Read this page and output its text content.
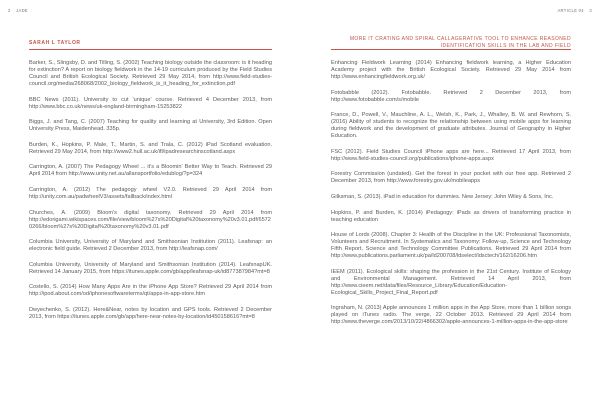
2 JADE	ARTICLE 04 3
SARAH L TAYLOR
MORE IT CRATING AND SPIRAL CALLAGERATIVE TOOL TO ENHANCE REASONED IDENTIFICATION SKILLS IN THE LAB AND FIELD

Barker, S., Slingsby, D. and Tilling, S. (2002) Teaching biology outside the classroom: is it heading for extinction? A report on biology fieldwork in the 14-19 curriculum produced by the Field Studies Council and British Ecological Society. Retrieved 29 May 2014, from http://www.field-studies-council.org/media/268068/2002_biology_fieldwork_is_it_heading_for_extinction.pdf

BBC News (2011). University to cut 'unique' course. Retrieved 4 December 2013, from http://www.bbc.co.uk/news/uk-england-birmingham-15253822

Biggs, J. and Tang, C. (2007) Teaching for quality and learning at University, 3rd Edition. Open University Press, Maidenhead. 335p.

Burden, K., Hopkins, P. Male, T., Martin, S. and Trala, C. (2012) iPad Scotland evaluation. Retrieved 29 May 2014, from http://www2.hull.ac.uk/ifl/ipadresearchinscotland.aspx

Carrington, A. (2007) The Pedagogy Wheel ... it's a Bloomin' Better Way to Teach. Retrieved 29 April 2014 from http://www.unity.net.au/allansportfolio/edublog/?p=324

Carrington, A. (2012) The pedagogy wheel V2.0. Retrieved 29 April 2014 from http://unity.com.au/padwheelV3/assets/fallback/index.html

Churches, A. (2009) Bloom's digital taxonomy. Retrieved 29 April 2014 from http://edorigami.wikispaces.com/file/view/bloom%27s%20Digital%20taxonomy%20v3.01.pdf/65720266/bloom%27s%20Digital%20taxonomy%20v3.01.pdf

Columbia University, University of Maryland and Smithsonian Institution (2011). Leafsnap: an electronic field guide. Retrieved 2 December 2013, from http://leafsnap.com/

Columbia University, University of Maryland and Smithsonian Institution (2014). LeafsnapUK. Retrieved 14 January 2015, from https://itunes.apple.com/gb/app/leafsnap-uk/id877387984?mt=8

Costello, S. (2014) How Many Apps Are in the iPhone App Store? Retrieved 29 April 2014 from http://ipod.about.com/od/iphonesoftwareterms/qt/apps-in-app-store.htm

Dwyechenko, S. (2012). Here&Near, notes by location and GPS tools. Retrieved 2 December 2013, from https://itunes.apple.com/gb/app/here-near-notes-by-location/id450158616?mt=8

Enhancing Fieldwork Learning (2014) Enhancing fieldwork learning, a Higher Education Academy project with the British Ecological Society. Retrieved 29 May 2014 from http://www.enhancingfieldwork.org.uk/

Fotobabble (2012). Fotobabble. Retrieved 2 December 2013, from http://www.fotobabble.com/s/mobile

France, D., Powell, V., Mauchline, A. L., Welsh, K., Park, J., Whalley, B. W. and Rewhorn, S. (2016) Ability of students to recognize the relationship between using mobile apps for learning during fieldwork and the development of graduate attributes. Journal of Geography in Higher Education.

FSC (2012). Field Studies Council iPhone apps are here... Retrieved 17 April 2013, from http://www.field-studies-council.org/publications/iphone-apps.aspx

Forestry Commission (undated). Get the forest in your pocket with our free app. Retrieved 2 December 2013, from http://www.forestry.gov.uk/mobileapps

Gilksman, S. (2013). iPad in education for dummies. New Jersey: John Wiley & Sons, Inc.

Hopkins, P. and Burden, K. (2014) iPedagogy: iPads as drivers of transforming practice in teaching education

House of Lords (2008). Chapter 3: Health of the Discipline in the UK: Professional Taxonomists, Volunteers and Recruitment. In Systematics and Taxonomy: Follow-up, Science and Technology Fifth Report, Science and Technology Committee Publications. Retrieved 29 April 2014 from http://www.publications.parliament.uk/pa/ld200708/ldselect/ldsctech/162/16206.htm

IEEM (2011). Ecological skills: shaping the profession in the 21st Century. Institute of Ecology and Environmental Management. Retrieved 14 April 2013, from http://www.cieem.net/data/files/Resource_Library/Education/Education-Ecological_Skills_Project_Final_Report.pdf

Ingraham, N. (2013) Apple announces 1 million apps in the App Store, more than 1 billion songs played on iTunes radio. The verge, 22 October 2013. Retrieved 29 April 2014 from http://www.theverge.com/2013/10/22/4866302/apple-announces-1-million-apps-in-the-app-store
